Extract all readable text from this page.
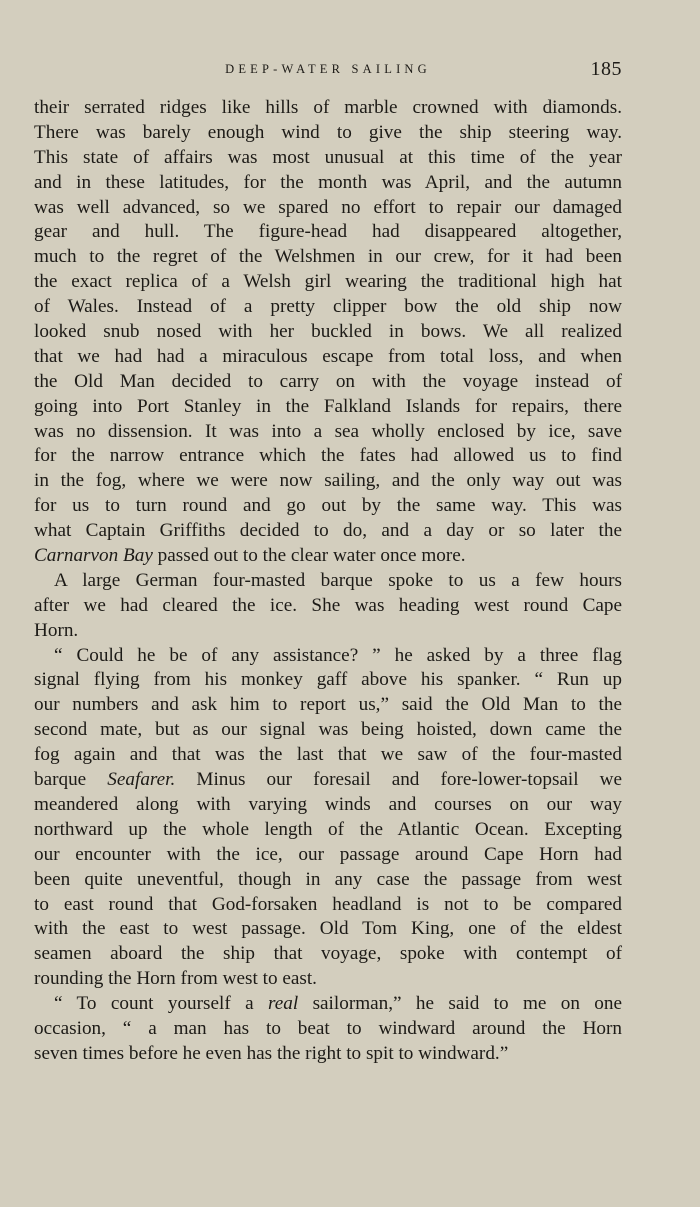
DEEP-WATER SAILING	185
their serrated ridges like hills of marble crowned with diamonds.
There was barely enough wind to give the ship steering way.
This state of affairs was most unusual at this time of the year
and in these latitudes, for the month was April, and the autumn
was well advanced, so we spared no effort to repair our damaged
gear and hull. The figure-head had disappeared altogether,
much to the regret of the Welshmen in our crew, for it had been
the exact replica of a Welsh girl wearing the traditional high hat
of Wales. Instead of a pretty clipper bow the old ship now
looked snub nosed with her buckled in bows. We all realized
that we had had a miraculous escape from total loss, and when
the Old Man decided to carry on with the voyage instead of
going into Port Stanley in the Falkland Islands for repairs, there
was no dissension. It was into a sea wholly enclosed by ice, save
for the narrow entrance which the fates had allowed us to find
in the fog, where we were now sailing, and the only way out was
for us to turn round and go out by the same way. This was
what Captain Griffiths decided to do, and a day or so later the
Carnarvon Bay passed out to the clear water once more.
A large German four-masted barque spoke to us a few hours
after we had cleared the ice. She was heading west round Cape
Horn.
“ Could he be of any assistance? ” he asked by a three flag
signal flying from his monkey gaff above his spanker. “ Run up
our numbers and ask him to report us,” said the Old Man to the
second mate, but as our signal was being hoisted, down came the
fog again and that was the last that we saw of the four-masted
barque Seafarer. Minus our foresail and fore-lower-topsail we
meandered along with varying winds and courses on our way
northward up the whole length of the Atlantic Ocean. Excepting
our encounter with the ice, our passage around Cape Horn had
been quite uneventful, though in any case the passage from west
to east round that God-forsaken headland is not to be compared
with the east to west passage. Old Tom King, one of the eldest
seamen aboard the ship that voyage, spoke with contempt of
rounding the Horn from west to east.
“ To count yourself a real sailorman,” he said to me on one
occasion, “ a man has to beat to windward around the Horn
seven times before he even has the right to spit to windward.”
